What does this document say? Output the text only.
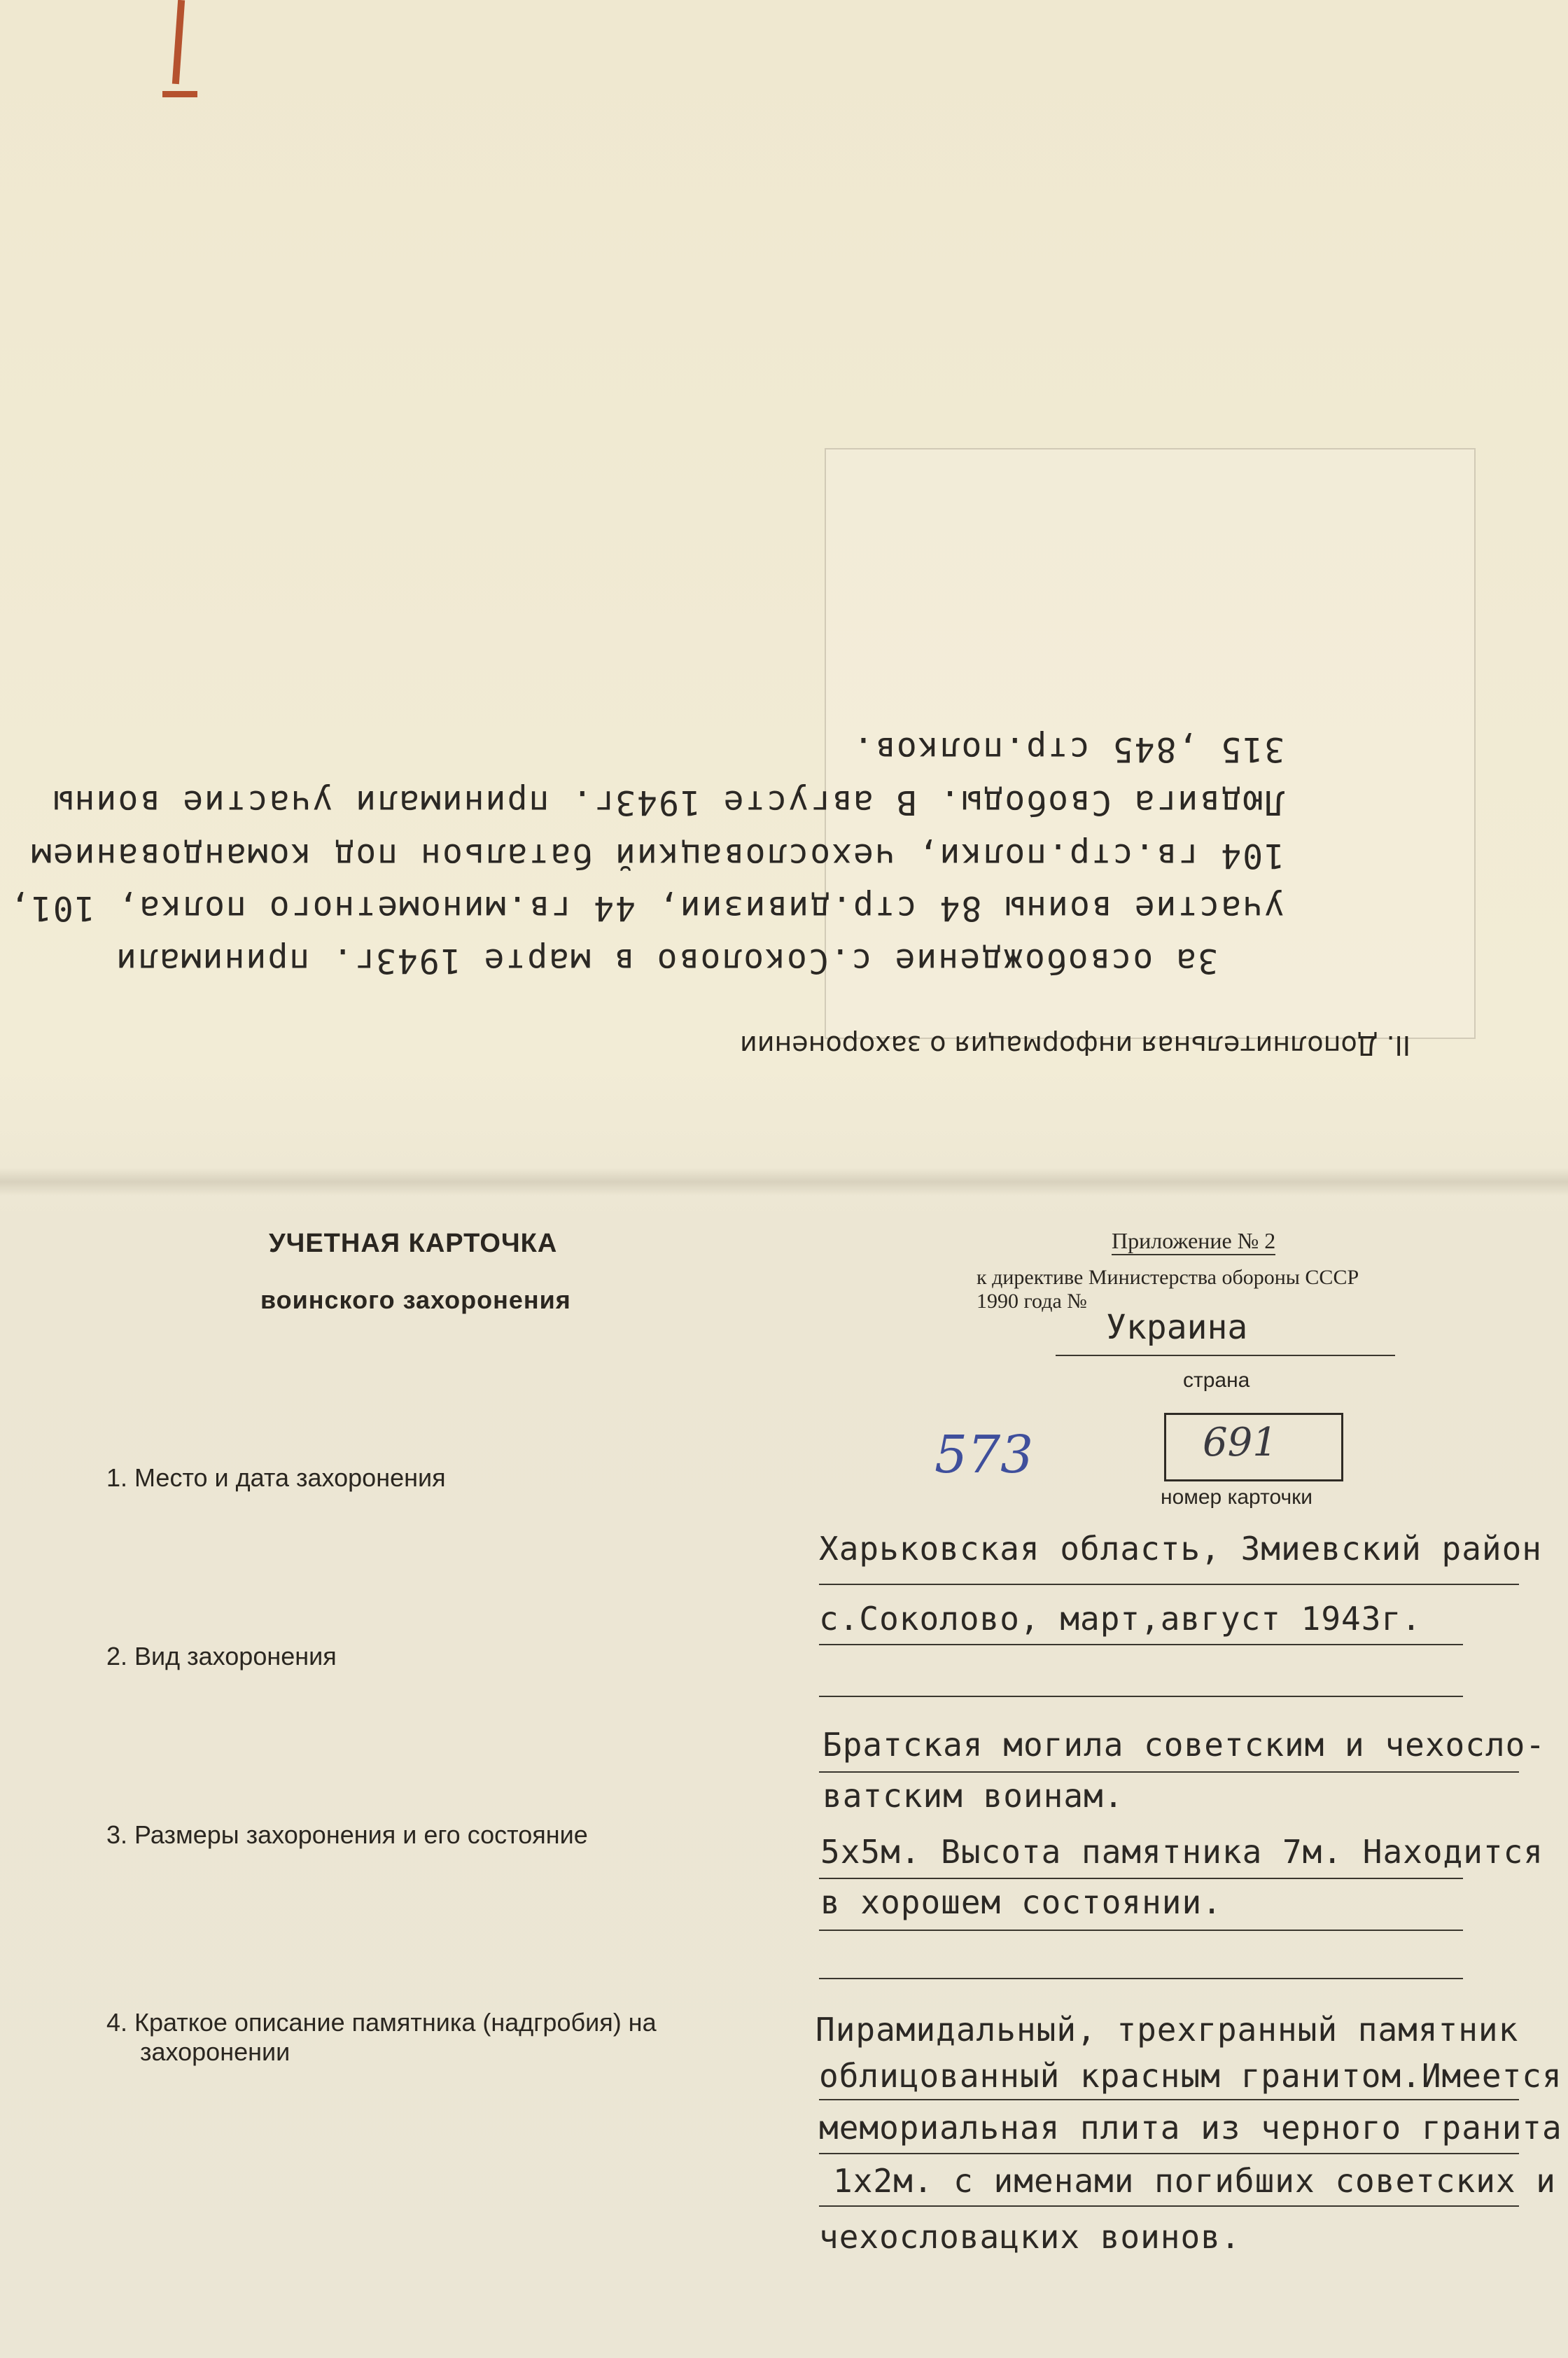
II. Дополнительная информация о захоронении
За освобождение с.Соколово в марте 1943г. принимали
участие воины 84 стр.дивизии, 44 гв.минометного полка, 101,
104 гв.стр.полки, чехословацкий батальон под командованием
Людвига Свободы. В августе 1943г. принимали участие воины
315 ,845 стр.полков.
УЧЕТНАЯ КАРТОЧКА
воинского захоронения
Приложение № 2
к директиве Министерства обороны СССР
1990 года №
Украина
страна
573	691
номер карточки
1. Место и дата захоронения
Харьковская область, Змиевский район
с.Соколово, март,август 1943г.
2. Вид захоронения
Братская могила советским и чехосло-
ватским воинам.
3. Размеры захоронения и его состояние	5х5м. Высота памятника 7м. Находится
в хорошем состоянии.
4. Краткое описание памятника (надгробия) на
захоронении
Пирамидальный, трехгранный памятник
облицованный красным гранитом.Имеется
мемориальная плита из черного гранита
1х2м. с именами погибших советских и
чехословацких воинов.
